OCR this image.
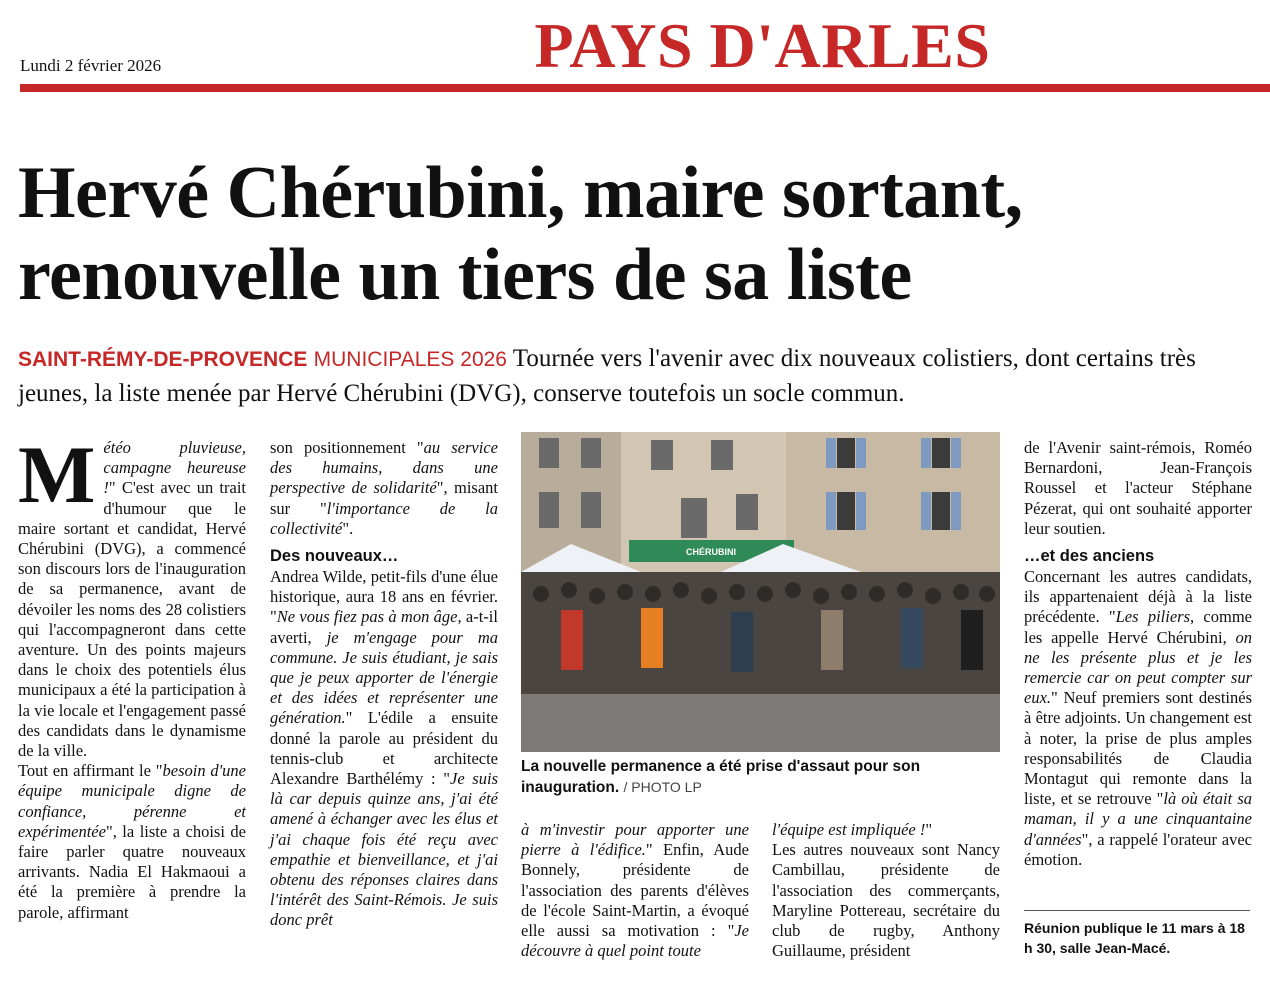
Lundi 2 février 2026	PAYS D'ARLES
Hervé Chérubini, maire sortant,
renouvelle un tiers de sa liste
SAINT-RÉMY-DE-PROVENCE MUNICIPALES 2026 Tournée vers l'avenir avec dix nouveaux colistiers, dont certains très jeunes, la liste menée par Hervé Chérubini (DVG), conserve toutefois un socle commun.

Météo pluvieuse, campagne heureuse !" C'est avec un trait d'humour que le maire sortant et candidat, Hervé Chérubini (DVG), a commencé son discours lors de l'inauguration de sa permanence, avant de dévoiler les noms des 28 colistiers qui l'accompagneront dans cette aventure. Un des points majeurs dans le choix des potentiels élus municipaux a été la participation à la vie locale et l'engagement passé des candidats dans le dynamisme de la ville.

Tout en affirmant le "besoin d'une équipe municipale digne de confiance, pérenne et expérimentée", la liste a choisi de faire parler quatre nouveaux arrivants. Nadia El Hakmaoui a été la première à prendre la parole, affirmant

son positionnement "au service des humains, dans une perspective de solidarité", misant sur "l'importance de la collectivité".

Des nouveaux…

Andrea Wilde, petit-fils d'une élue historique, aura 18 ans en février. "Ne vous fiez pas à mon âge, a-t-il averti, je m'engage pour ma commune. Je suis étudiant, je sais que je peux apporter de l'énergie et des idées et représenter une génération." L'édile a ensuite donné la parole au président du tennis-club et architecte Alexandre Barthélémy : "Je suis là car depuis quinze ans, j'ai été amené à échanger avec les élus et j'ai chaque fois été reçu avec empathie et bienveillance, et j'ai obtenu des réponses claires dans l'intérêt des Saint-Rémois. Je suis donc prêt

CHÉRUBINI
La nouvelle permanence a été prise d'assaut pour son inauguration. / PHOTO LP

à m'investir pour apporter une pierre à l'édifice." Enfin, Aude Bonnely, présidente de l'association des parents d'élèves de l'école Saint-Martin, a évoqué elle aussi sa motivation : "Je découvre à quel point toute

l'équipe est impliquée !"

Les autres nouveaux sont Nancy Cambillau, présidente de l'association des commerçants, Maryline Pottereau, secrétaire du club de rugby, Anthony Guillaume, président

de l'Avenir saint-rémois, Roméo Bernardoni, Jean-François Roussel et l'acteur Stéphane Pézerat, qui ont souhaité apporter leur soutien.

…et des anciens

Concernant les autres candidats, ils appartenaient déjà à la liste précédente. "Les piliers, comme les appelle Hervé Chérubini, on ne les présente plus et je les remercie car on peut compter sur eux." Neuf premiers sont destinés à être adjoints. Un changement est à noter, la prise de plus amples responsabilités de Claudia Montagut qui remonte dans la liste, et se retrouve "là où était sa maman, il y a une cinquantaine d'années", a rappelé l'orateur avec émotion.

Réunion publique le 11 mars à 18 h 30, salle Jean-Macé.
